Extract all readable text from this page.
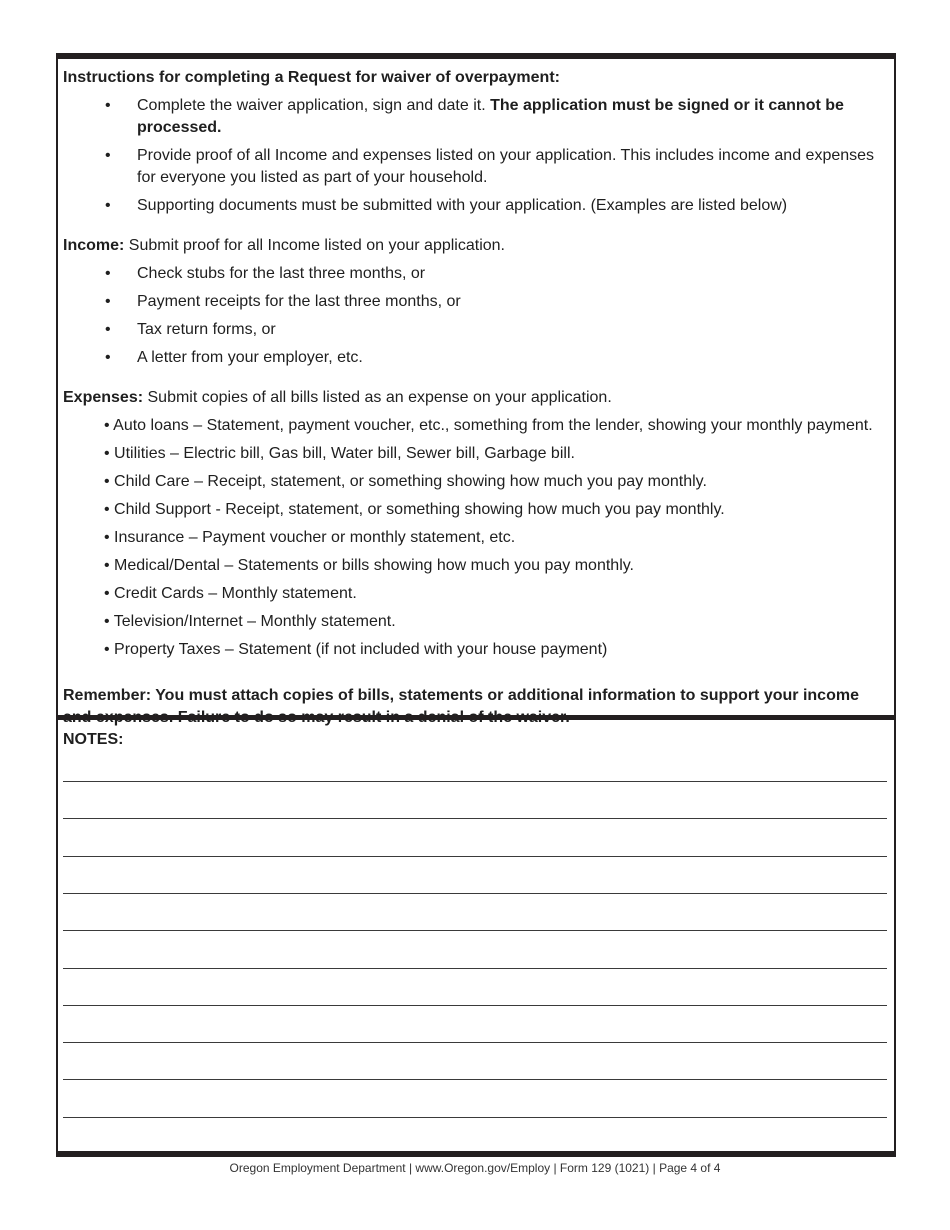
Instructions for completing a Request for waiver of overpayment:

• Complete the waiver application, sign and date it. The application must be signed or it cannot be processed.
• Provide proof of all Income and expenses listed on your application. This includes income and expenses for everyone you listed as part of your household.
• Supporting documents must be submitted with your application. (Examples are listed below)

Income: Submit proof for all Income listed on your application.

• Check stubs for the last three months, or
• Payment receipts for the last three months, or
• Tax return forms, or
• A letter from your employer, etc.

Expenses: Submit copies of all bills listed as an expense on your application.

• Auto loans – Statement, payment voucher, etc., something from the lender, showing your monthly payment.
• Utilities – Electric bill, Gas bill, Water bill, Sewer bill, Garbage bill.
• Child Care – Receipt, statement, or something showing how much you pay monthly.
• Child Support - Receipt, statement, or something showing how much you pay monthly.
• Insurance – Payment voucher or monthly statement, etc.
• Medical/Dental – Statements or bills showing how much you pay monthly.
• Credit Cards – Monthly statement.
• Television/Internet – Monthly statement.
• Property Taxes – Statement (if not included with your house payment)

Remember: You must attach copies of bills, statements or additional information to support your income

NOTES:
Oregon Employment Department | www.Oregon.gov/Employ | Form 129 (1021) | Page 4 of 4
